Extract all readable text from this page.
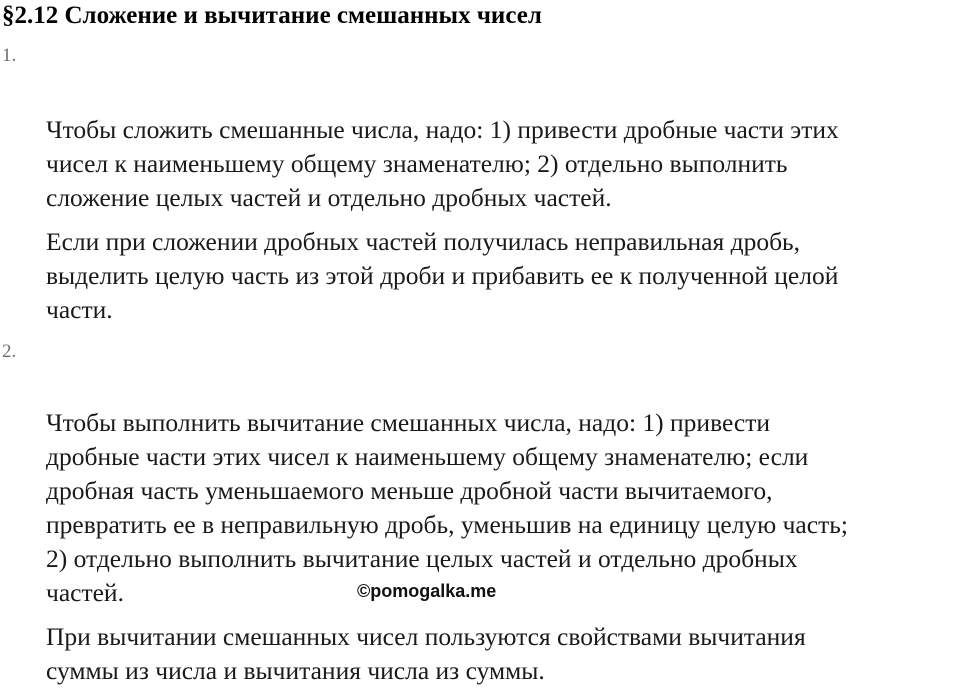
§2.12 Сложение и вычитание смешанных чисел
1.
Чтобы сложить смешанные числа, надо: 1) привести дробные части этих
чисел к наименьшему общему знаменателю; 2) отдельно выполнить
сложение целых частей и отдельно дробных частей.
Если при сложении дробных частей получилась неправильная дробь,
выделить целую часть из этой дроби и прибавить ее к полученной целой
части.
2.
Чтобы выполнить вычитание смешанных числа, надо: 1) привести
дробные части этих чисел к наименьшему общему знаменателю; если
дробная часть уменьшаемого меньше дробной части вычитаемого,
превратить ее в неправильную дробь, уменьшив на единицу целую часть;
2) отдельно выполнить вычитание целых частей и отдельно дробных
частей.	©pomogalka.me
При вычитании смешанных чисел пользуются свойствами вычитания
суммы из числа и вычитания числа из суммы.
